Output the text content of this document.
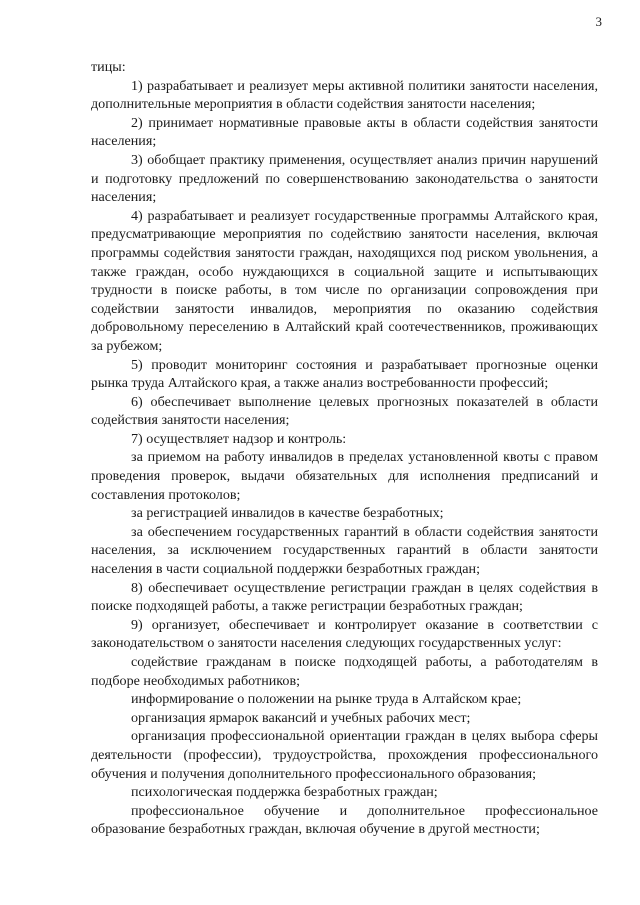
3

тицы:

1) разрабатывает и реализует меры активной политики занятости населения, дополнительные мероприятия в области содействия занятости населения;

2) принимает нормативные правовые акты в области содействия занятости населения;

3) обобщает практику применения, осуществляет анализ причин нарушений и подготовку предложений по совершенствованию законодательства о занятости населения;

4) разрабатывает и реализует государственные программы Алтайского края, предусматривающие мероприятия по содействию занятости населения, включая программы содействия занятости граждан, находящихся под риском увольнения, а также граждан, особо нуждающихся в социальной защите и испытывающих трудности в поиске работы, в том числе по организации сопровождения при содействии занятости инвалидов, мероприятия по оказанию содействия добровольному переселению в Алтайский край соотечественников, проживающих за рубежом;

5) проводит мониторинг состояния и разрабатывает прогнозные оценки рынка труда Алтайского края, а также анализ востребованности профессий;

6) обеспечивает выполнение целевых прогнозных показателей в области содействия занятости населения;

7) осуществляет надзор и контроль:

за приемом на работу инвалидов в пределах установленной квоты с правом проведения проверок, выдачи обязательных для исполнения предписаний и составления протоколов;

за регистрацией инвалидов в качестве безработных;

за обеспечением государственных гарантий в области содействия занятости населения, за исключением государственных гарантий в области занятости населения в части социальной поддержки безработных граждан;

8) обеспечивает осуществление регистрации граждан в целях содействия в поиске подходящей работы, а также регистрации безработных граждан;

9) организует, обеспечивает и контролирует оказание в соответствии с законодательством о занятости населения следующих государственных услуг:

содействие гражданам в поиске подходящей работы, а работодателям в подборе необходимых работников;

информирование о положении на рынке труда в Алтайском крае;

организация ярмарок вакансий и учебных рабочих мест;

организация профессиональной ориентации граждан в целях выбора сферы деятельности (профессии), трудоустройства, прохождения профессионального обучения и получения дополнительного профессионального образования;

психологическая поддержка безработных граждан;

профессиональное обучение и дополнительное профессиональное образование безработных граждан, включая обучение в другой местности;
